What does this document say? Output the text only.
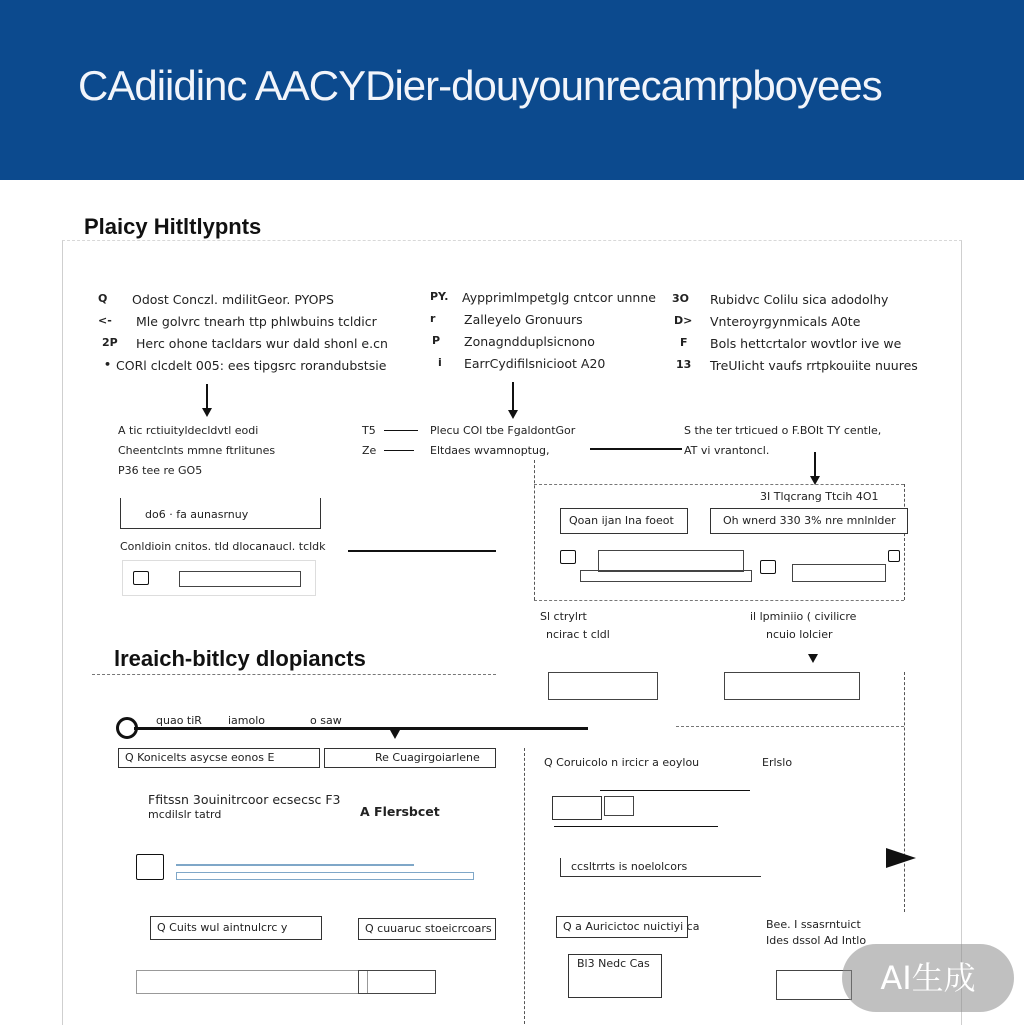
CAdiidinc AACYDier-douyounrecamrpboyees
Plaicy Hitltlypnts
Q Odost Conczl. mdilitGeor. PYOPS
<- Mle golvrc tnearh ttp phlwbuins tcldicr
2P Herc ohone tacldars wur dald shonl e.cn
• CORl clcdelt 005: ees tipgsrc rorandubstsie
A tic rctiuityldecldvtl eodi
Cheentclnts mmne ftrlitunes
P36 tee re GO5
do6 · fa aunasrnuy
Conldioin cnitos. tld dlocanaucl. tcldk
PY. Aypprimlmpetglg cntcor unnne
r Zalleyelo Gronuurs
P Zonagndduplsicnono
i EarrCydifilsnicioot A20
T5	Plecu COl tbe FgaldontGor
Ze	Eltdaes wvamnoptug,
3O Rubidvc Colilu sica adodolhy
D> Vnteroyrgynmicals A0te
F Bols hettcrtalor wovtlor ive we
13 TreUIicht vaufs rrtpkouiite nuures
S the ter trticued o F.BOIt TY centle,
AT vi vrantoncl.
3I Tlqcrang Ttcih 4O1
Qoan ijan Ina foeot	Oh wnerd 330 3% nre mnlnlder
Sl ctrylrt
ncirac t cldl
il lpminiio ( civilicre
ncuio lolcier
lreaich-bitlcy dlopiancts
quao tiR iamolo	o saw
Q Konicelts asycse eonos E	Re Cuagirgoiarlene	Q Coruicolo n ircicr a eoylou	Erlslo
Ffitssn 3ouinitrcoor ecsecsc F3
mcdilslr tatrd	A Flersbcet
Q Cuits wul aintnulcrc y	Q cuuaruc stoeicrcoars
ccsltrrts is noelolcors
Q a Auricictoc nuictiyi ca	Bee. I ssasrntuict
Ides dssol Ad Intlo
Bl3 Nedc Cas	AI生成
